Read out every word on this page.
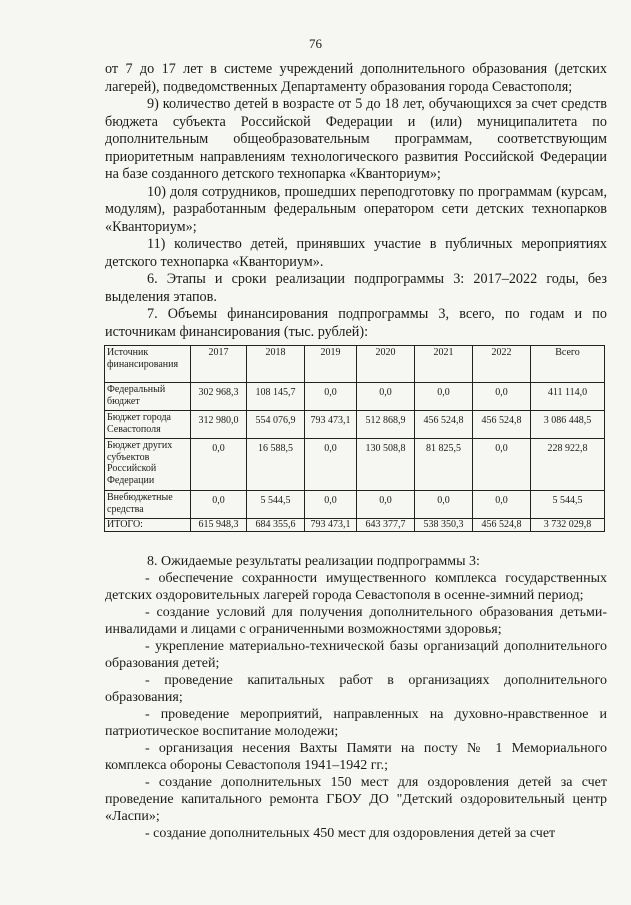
76

от 7 до 17 лет в системе учреждений дополнительного образования (детских лагерей), подведомственных Департаменту образования города Севастополя;

9) количество детей в возрасте от 5 до 18 лет, обучающихся за счет средств бюджета субъекта Российской Федерации и (или) муниципалитета по дополнительным общеобразовательным программам, соответствующим приоритетным направлениям технологического развития Российской Федерации на базе созданного детского технопарка «Кванториум»;

10) доля сотрудников, прошедших переподготовку по программам (курсам, модулям), разработанным федеральным оператором сети детских технопарков «Кванториум»;

11) количество детей, принявших участие в публичных мероприятиях детского технопарка «Кванториум».

6. Этапы и сроки реализации подпрограммы 3: 2017–2022 годы, без выделения этапов.

7. Объемы финансирования подпрограммы 3, всего, по годам и по источникам финансирования (тыс. рублей):

Источник финансирования	2017	2018	2019	2020	2021	2022	Всего
Федеральный бюджет	302 968,3	108 145,7	0,0	0,0	0,0	0,0	411 114,0
Бюджет города Севастополя	312 980,0	554 076,9	793 473,1	512 868,9	456 524,8	456 524,8	3 086 448,5
Бюджет других субъектов Российской Федерации	0,0	16 588,5	0,0	130 508,8	81 825,5	0,0	228 922,8
Внебюджетные средства	0,0	5 544,5	0,0	0,0	0,0	0,0	5 544,5
ИТОГО:	615 948,3	684 355,6	793 473,1	643 377,7	538 350,3	456 524,8	3 732 029,8

8. Ожидаемые результаты реализации подпрограммы 3:

- обеспечение сохранности имущественного комплекса государственных детских оздоровительных лагерей города Севастополя в осенне-зимний период;

- создание условий для получения дополнительного образования детьми-инвалидами и лицами с ограниченными возможностями здоровья;

- укрепление материально-технической базы организаций дополнительного образования детей;

- проведение капитальных работ в организациях дополнительного образования;

- проведение мероприятий, направленных на духовно-нравственное и патриотическое воспитание молодежи;

- организация несения Вахты Памяти на посту № 1 Мемориального комплекса обороны Севастополя 1941–1942 гг.;

- создание дополнительных 150 мест для оздоровления детей за счет проведение капитального ремонта ГБОУ ДО "Детский оздоровительный центр «Ласпи»;

- создание дополнительных 450 мест для оздоровления детей за счет
